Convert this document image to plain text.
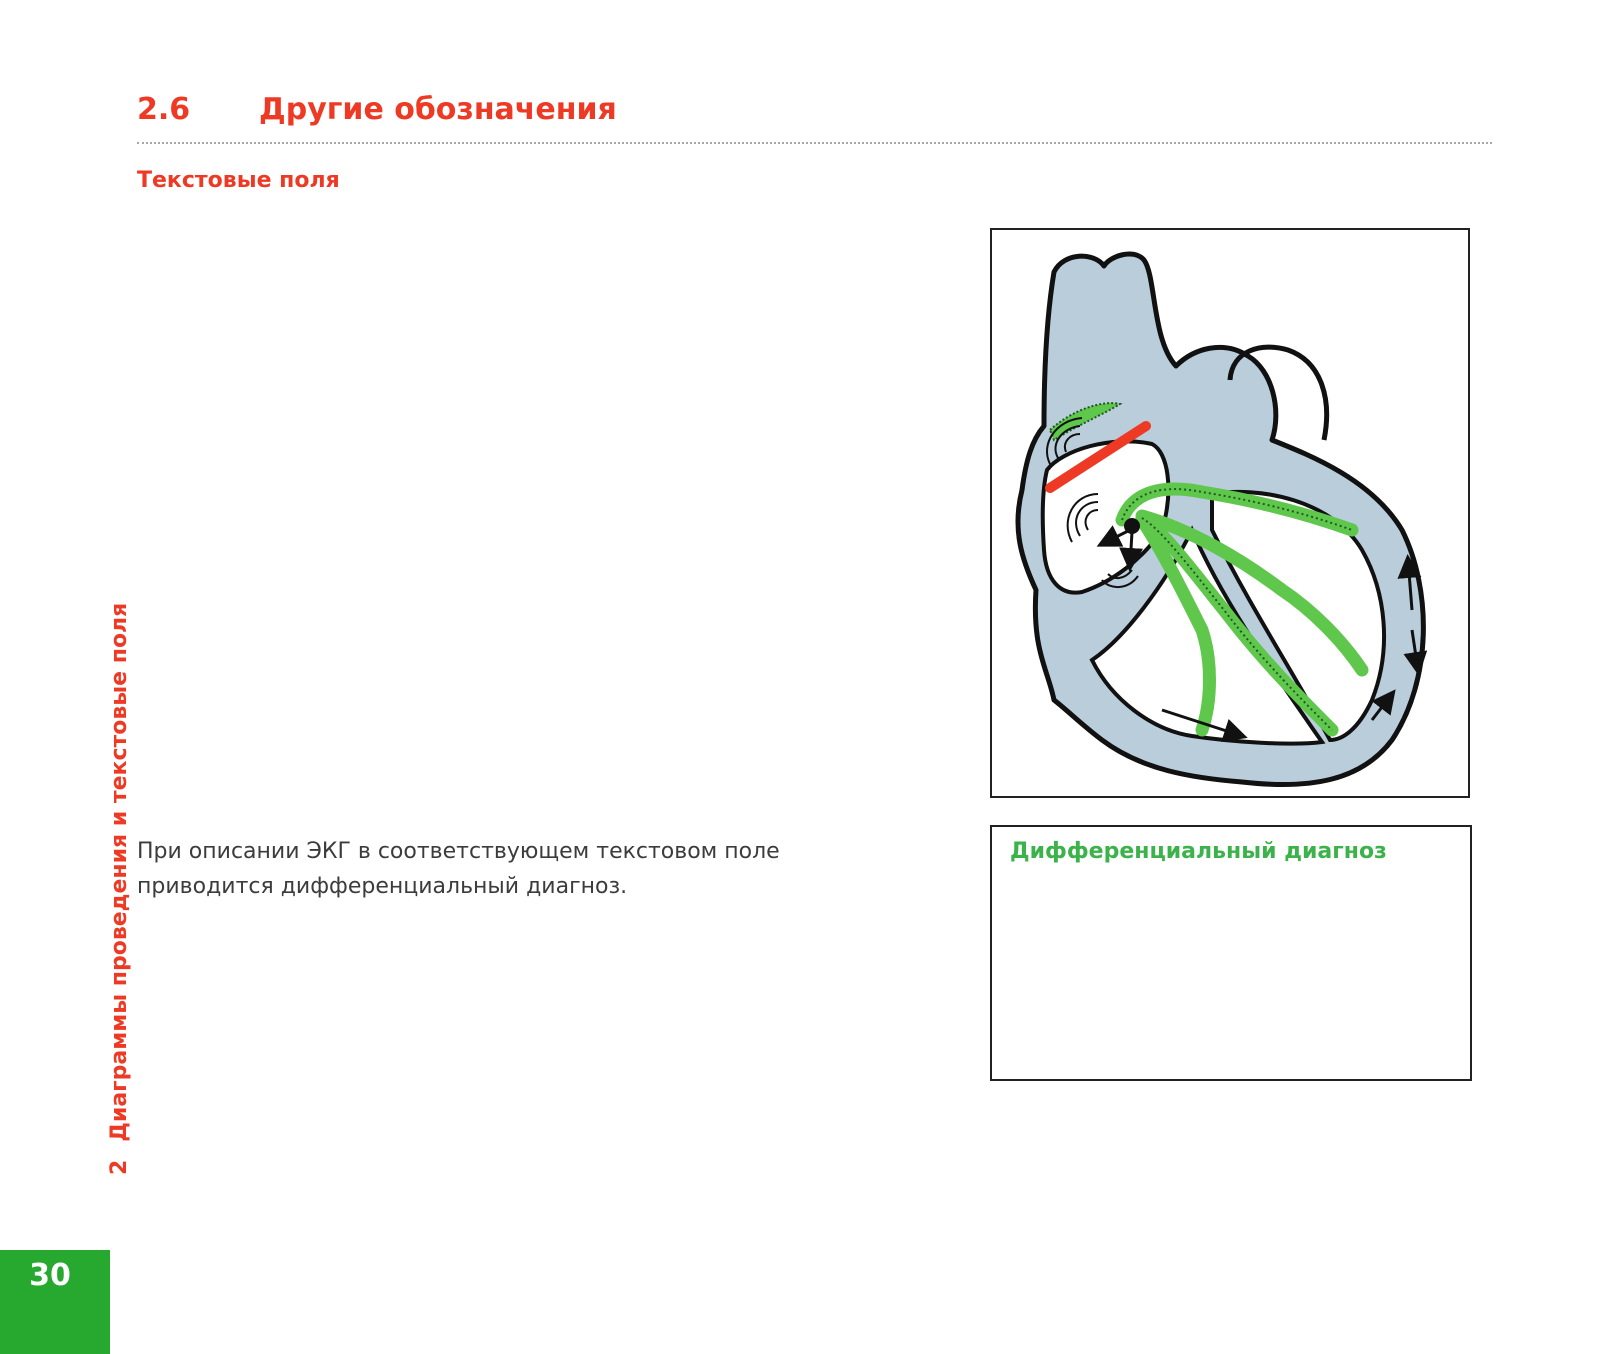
2.6 Другие обозначения
Текстовые поля

При описании ЭКГ в соответствующем текстовом поле приводится дифференциальный диагноз.

Дифференциальный диагноз
2Диаграммы проведения и текстовые поля
30
